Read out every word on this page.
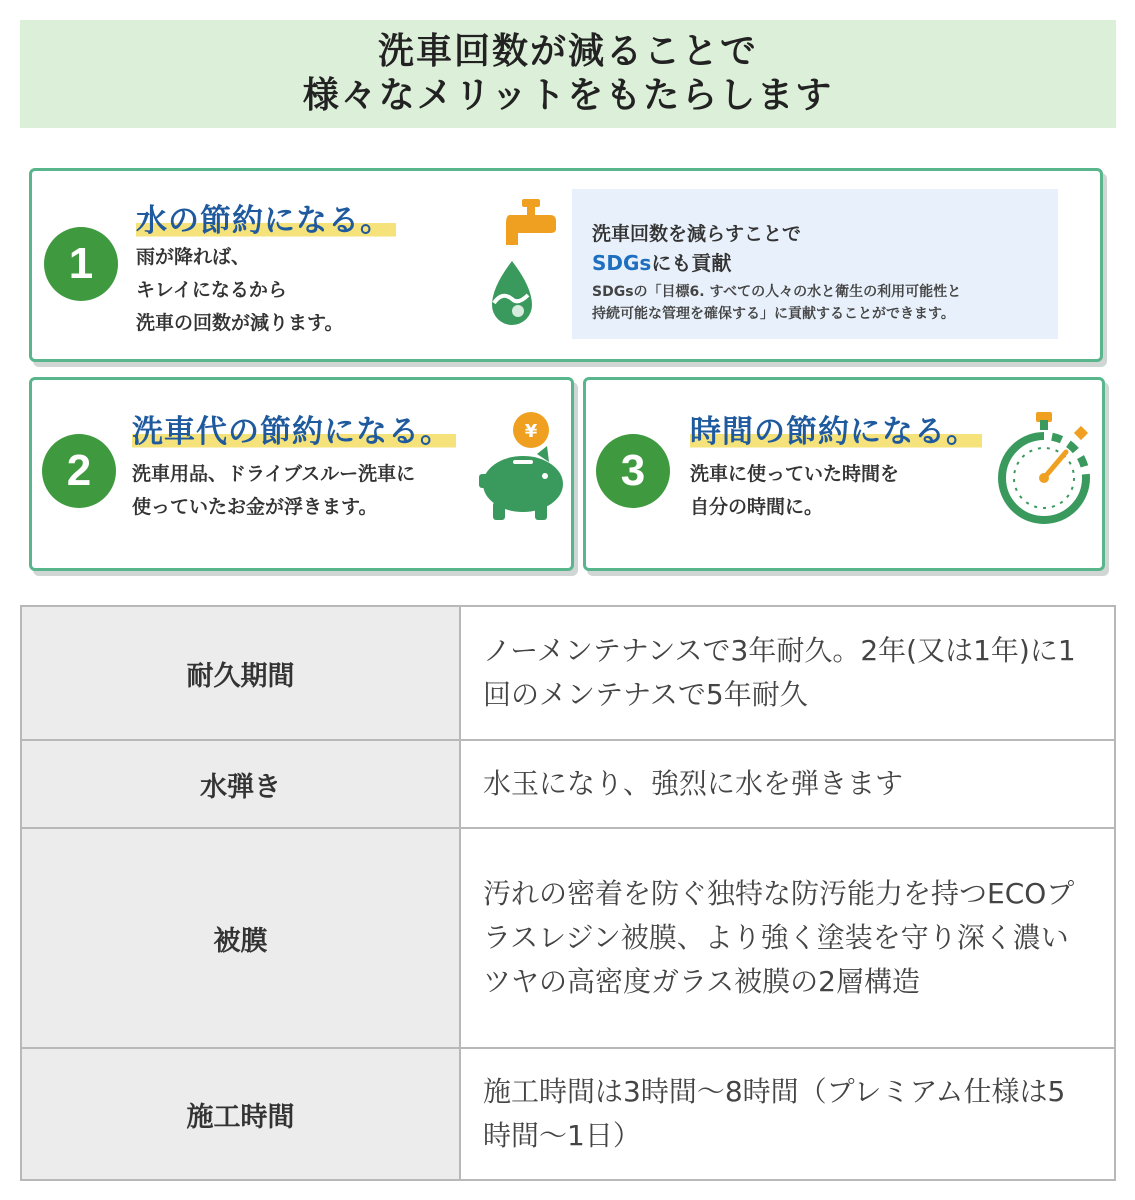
洗車回数が減ることで
様々なメリットをもたらします
1
水の節約になる。
雨が降れば、
キレイになるから
洗車の回数が減ります。
洗車回数を減らすことで
SDGsにも貢献
SDGsの「目標6. すべての人々の水と衛生の利用可能性と
持続可能な管理を確保する」に貢献することができます。
2
洗車代の節約になる。
洗車用品、ドライブスルー洗車に
使っていたお金が浮きます。
¥
3
時間の節約になる。
洗車に使っていた時間を
自分の時間に。
耐久期間	ノーメンテナンスで3年耐久。2年(又は1年)に1回のメンテナスで5年耐久
水弾き	水玉になり、強烈に水を弾きます
被膜	汚れの密着を防ぐ独特な防汚能力を持つECOプラスレジン被膜、より強く塗装を守り深く濃いツヤの高密度ガラス被膜の2層構造
施工時間	施工時間は3時間〜8時間（プレミアム仕様は5時間〜1日）
